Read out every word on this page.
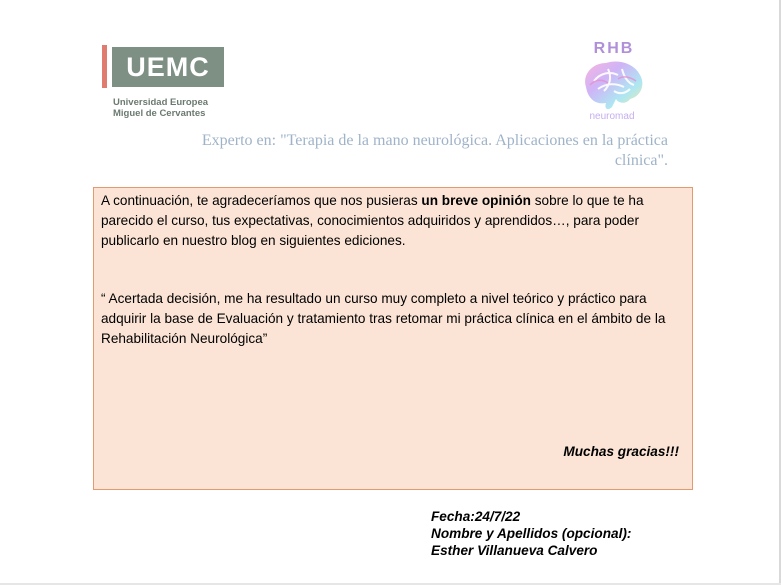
UEMC
Universidad Europea
Miguel de Cervantes
RHB
neuromad
Experto en: "Terapia de la mano neurológica. Aplicaciones en la práctica
clínica".
A continuación, te agradeceríamos que nos pusieras un breve opinión sobre lo que te ha parecido el curso, tus expectativas, conocimientos adquiridos y aprendidos…, para poder publicarlo en nuestro blog en siguientes ediciones.
“ Acertada decisión, me ha resultado un curso muy completo a nivel teórico y práctico para adquirir la base de Evaluación y tratamiento tras retomar mi práctica clínica en el ámbito de la Rehabilitación Neurológica”
Muchas gracias!!!
Fecha:24/7/22
Nombre y Apellidos (opcional):
Esther Villanueva Calvero
